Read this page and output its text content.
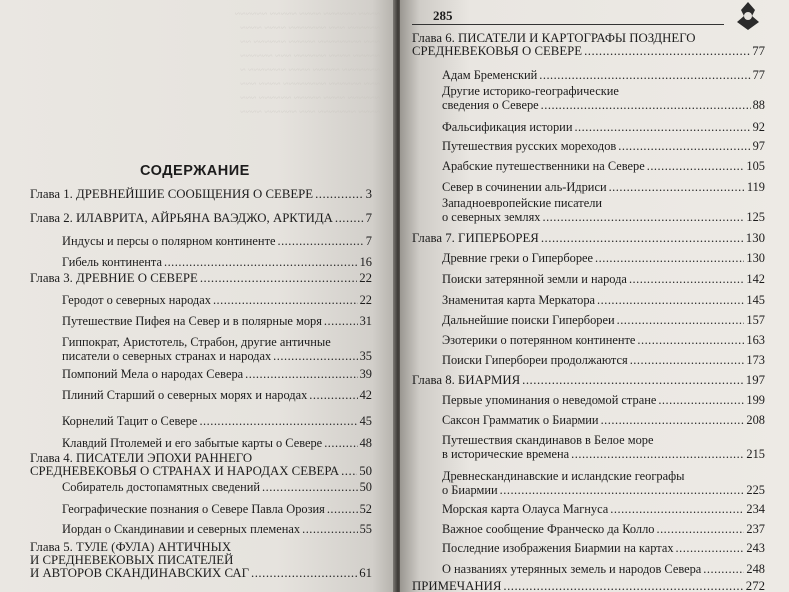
~~~~ ~~~~~~ ~~~~ ~~~~~ ~~~~~~
~~~~~~ ~~~ ~~~~~~~ ~~~~ ~~~~
~~~ ~~~~~~~~ ~~~~~ ~~~~~~ ~~
~~~~~ ~~~~ ~~~~~~ ~~~ ~~~~~~
~~~~~~~ ~~~~~ ~~~~ ~~~~~~~ ~
~~~ ~~~~~~ ~~~~~~~~ ~~~~ ~~~
~~~~~~ ~~~~ ~~~~~ ~~~~~~ ~~~
~~~~ ~~~~~~~ ~~~ ~~~~~~ ~~~~
СОДЕРЖАНИЕ
Глава 1. ДРЕВНЕЙШИЕ СООБЩЕНИЯ О СЕВЕРЕ .....	3
Глава 2. ИЛАВРИТА, АЙРЬЯНА ВАЭДЖО, АРКТИДА .....	7
Индусы и персы о полярном континенте .....	7
Гибель континента .....	16
Глава 3. ДРЕВНИЕ О СЕВЕРЕ .....	22
Геродот о северных народах .....	22
Путешествие Пифея на Север и в полярные моря .....	31
Гиппократ, Аристотель, Страбон, другие античные
писатели о северных странах и народах .....	35
Помпоний Мела о народах Севера .....	39
Плиний Старший о северных морях и народах .....	42
Корнелий Тацит о Севере .....	45
Клавдий Птолемей и его забытые карты о Севере .....	48
Глава 4. ПИСАТЕЛИ ЭПОХИ РАННЕГО
СРЕДНЕВЕКОВЬЯ О СТРАНАХ И НАРОДАХ СЕВЕРА ..... 50
Собиратель достопамятных сведений .....	50
Географические познания о Севере Павла Орозия .....	52
Иордан о Скандинавии и северных племенах .....	55
Глава 5. ТУЛЕ (ФУЛА) АНТИЧНЫХ
И СРЕДНЕВЕКОВЫХ ПИСАТЕЛЕЙ
И АВТОРОВ СКАНДИНАВСКИХ САГ .....	61
285
Глава 6. ПИСАТЕЛИ И КАРТОГРАФЫ ПОЗДНЕГО
СРЕДНЕВЕКОВЬЯ О СЕВЕРЕ .....	77
Адам Бременский .....	77
Другие историко-географические
сведения о Севере .....	88
Фальсификация истории .....	92
Путешествия русских мореходов .....	97
Арабские путешественники на Севере .....	105
Север в сочинении аль-Идриси .....	119
Западноевропейские писатели
о северных землях .....	125
Глава 7. ГИПЕРБОРЕЯ .....	130
Древние греки о Гиперборее .....	130
Поиски затерянной земли и народа .....	142
Знаменитая карта Меркатора .....	145
Дальнейшие поиски Гипербореи .....	157
Эзотерики о потерянном континенте .....	163
Поиски Гипербореи продолжаются .....	173
Глава 8. БИАРМИЯ .....	197
Первые упоминания о неведомой стране .....	199
Саксон Грамматик о Биармии .....	208
Путешествия скандинавов в Белое море
в исторические времена .....	215
Древнескандинавские и исландские географы
о Биармии .....	225
Морская карта Олауса Магнуса .....	234
Важное сообщение Франческо да Колло .....	237
Последние изображения Биармии на картах .....	243
О названиях утерянных земель и народов Севера .....	248
ПРИМЕЧАНИЯ .....	272
